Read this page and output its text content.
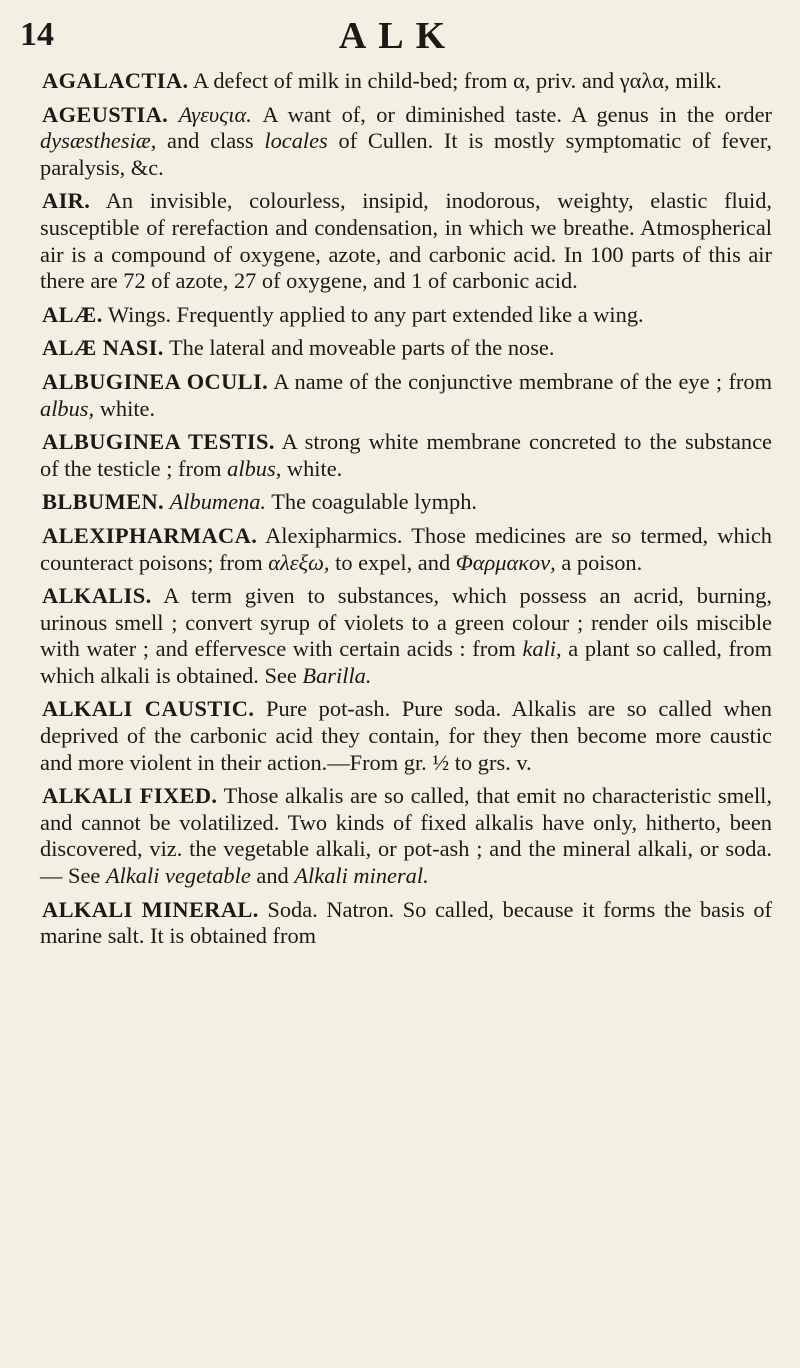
14	ALK

AGALACTIA. A defect of milk in child-bed; from α, priv. and γαλα, milk.

AGEUSTIA. Αγευςια. A want of, or diminished taste. A genus in the order dysæsthesiæ, and class locales of Cullen. It is mostly symptomatic of fever, paralysis, &c.

AIR. An invisible, colourless, insipid, inodorous, weighty, elastic fluid, susceptible of rerefaction and condensation, in which we breathe. Atmospherical air is a compound of oxygene, azote, and carbonic acid. In 100 parts of this air there are 72 of azote, 27 of oxygene, and 1 of carbonic acid.

ALÆ. Wings. Frequently applied to any part extended like a wing.

ALÆ NASI. The lateral and moveable parts of the nose.

ALBUGINEA OCULI. A name of the conjunctive membrane of the eye ; from albus, white.

ALBUGINEA TESTIS. A strong white membrane concreted to the substance of the testicle ; from albus, white.

BLBUMEN. Albumena. The coagulable lymph.

ALEXIPHARMACA. Alexipharmics. Those medicines are so termed, which counteract poisons; from αλεξω, to expel, and Φαρμακον, a poison.

ALKALIS. A term given to substances, which possess an acrid, burning, urinous smell ; convert syrup of violets to a green colour ; render oils miscible with water ; and effervesce with certain acids : from kali, a plant so called, from which alkali is obtained. See Barilla.

ALKALI CAUSTIC. Pure pot-ash. Pure soda. Alkalis are so called when deprived of the carbonic acid they contain, for they then become more caustic and more violent in their action.—From gr. ½ to grs. v.

ALKALI FIXED. Those alkalis are so called, that emit no characteristic smell, and cannot be volatilized. Two kinds of fixed alkalis have only, hitherto, been discovered, viz. the vegetable alkali, or pot-ash ; and the mineral alkali, or soda.— See Alkali vegetable and Alkali mineral.

ALKALI MINERAL. Soda. Natron. So called, because it forms the basis of marine salt. It is obtained from
